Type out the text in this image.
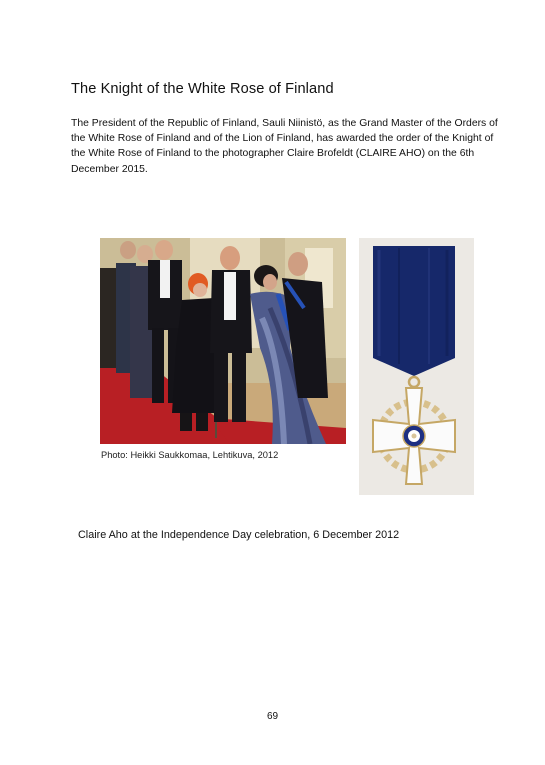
The Knight of the White Rose of Finland

The President of the Republic of Finland, Sauli Niinistö, as the Grand Master of the Orders of the White Rose of Finland and of the Lion of Finland, has awarded the order of the Knight of the White Rose of Finland to the photographer Claire Brofeldt (CLAIRE AHO) on the 6th December 2015.

Photo: Heikki Saukkomaa, Lehtikuva, 2012
Claire Aho at the Independence Day celebration, 6 December 2012
69
